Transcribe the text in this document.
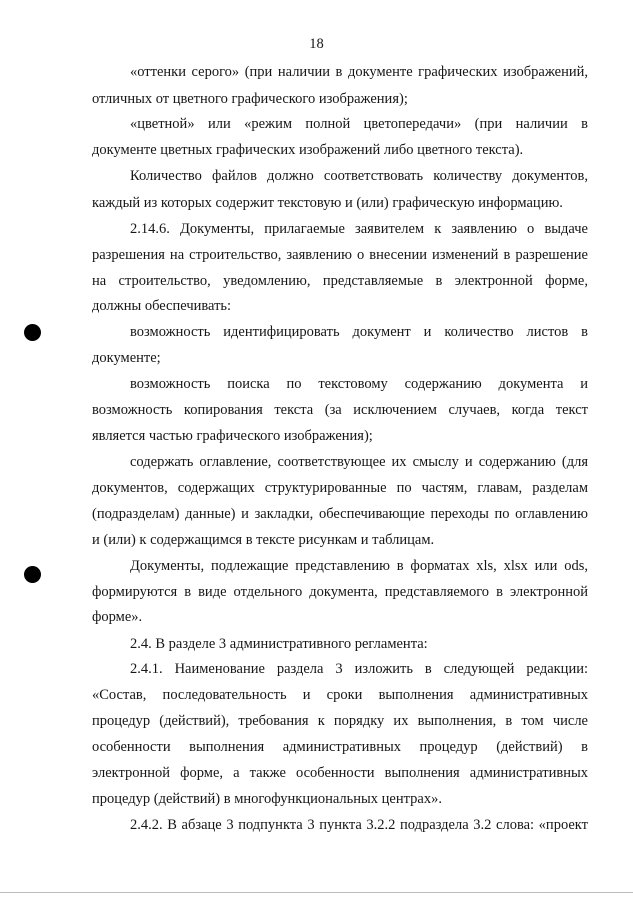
18
«оттенки серого» (при наличии в документе графических изображений,
отличных от цветного графического изображения);
«цветной» или «режим полной цветопередачи» (при наличии в
документе цветных графических изображений либо цветного текста).
Количество файлов должно соответствовать количеству документов,
каждый из которых содержит текстовую и (или) графическую информацию.
2.14.6. Документы, прилагаемые заявителем к заявлению о выдаче
разрешения на строительство, заявлению о внесении изменений в разрешение
на строительство, уведомлению, представляемые в электронной форме,
должны обеспечивать:
возможность идентифицировать документ и количество листов в
документе;
возможность поиска по текстовому содержанию документа и
возможность копирования текста (за исключением случаев, когда текст
является частью графического изображения);
содержать оглавление, соответствующее их смыслу и содержанию (для
документов, содержащих структурированные по частям, главам, разделам
(подразделам) данные) и закладки, обеспечивающие переходы по оглавлению
и (или) к содержащимся в тексте рисункам и таблицам.
Документы, подлежащие представлению в форматах xls, xlsx или ods,
формируются в виде отдельного документа, представляемого в электронной
форме».
2.4. В разделе 3 административного регламента:
2.4.1. Наименование раздела 3 изложить в следующей редакции:
«Состав, последовательность и сроки выполнения административных
процедур (действий), требования к порядку их выполнения, в том числе
особенности выполнения административных процедур (действий) в
электронной форме, а также особенности выполнения административных
процедур (действий) в многофункциональных центрах».
2.4.2. В абзаце 3 подпункта 3 пункта 3.2.2 подраздела 3.2 слова: «проект
